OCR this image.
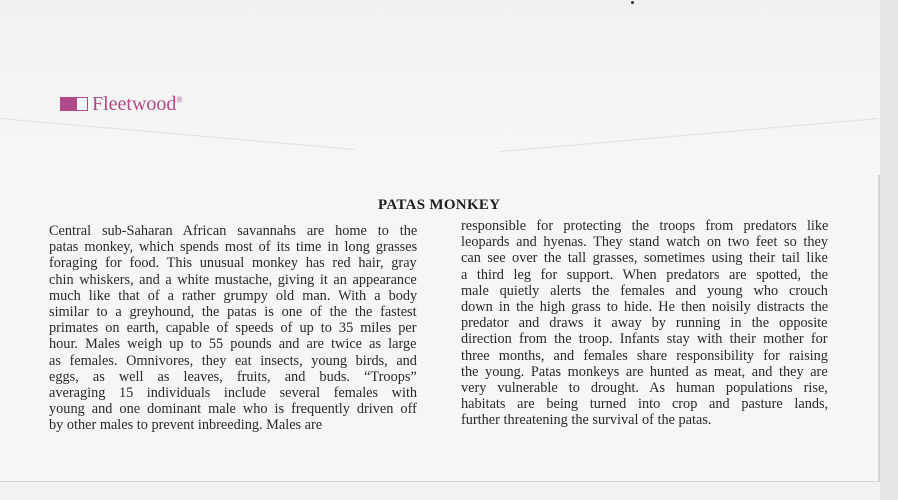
Fleetwood®
PATAS MONKEY
Central sub-Saharan African savannahs are home to the
patas monkey, which spends most of its time in long grasses
foraging for food. This unusual monkey has red hair, gray
chin whiskers, and a white mustache, giving it an appearance
much like that of a rather grumpy old man. With a body
similar to a greyhound, the patas is one of the the fastest
primates on earth, capable of speeds of up to 35 miles per
hour. Males weigh up to 55 pounds and are twice as large
as females. Omnivores, they eat insects, young birds, and
eggs, as well as leaves, fruits, and buds. “Troops”
averaging 15 individuals include several females with
young and one dominant male who is frequently driven off
by other males to prevent inbreeding. Males are
responsible for protecting the troops from predators like
leopards and hyenas. They stand watch on two feet so they
can see over the tall grasses, sometimes using their tail like
a third leg for support. When predators are spotted, the
male quietly alerts the females and young who crouch
down in the high grass to hide. He then noisily distracts the
predator and draws it away by running in the opposite
direction from the troop. Infants stay with their mother for
three months, and females share responsibility for raising
the young. Patas monkeys are hunted as meat, and they are
very vulnerable to drought. As human populations rise,
habitats are being turned into crop and pasture lands,
further threatening the survival of the patas.
